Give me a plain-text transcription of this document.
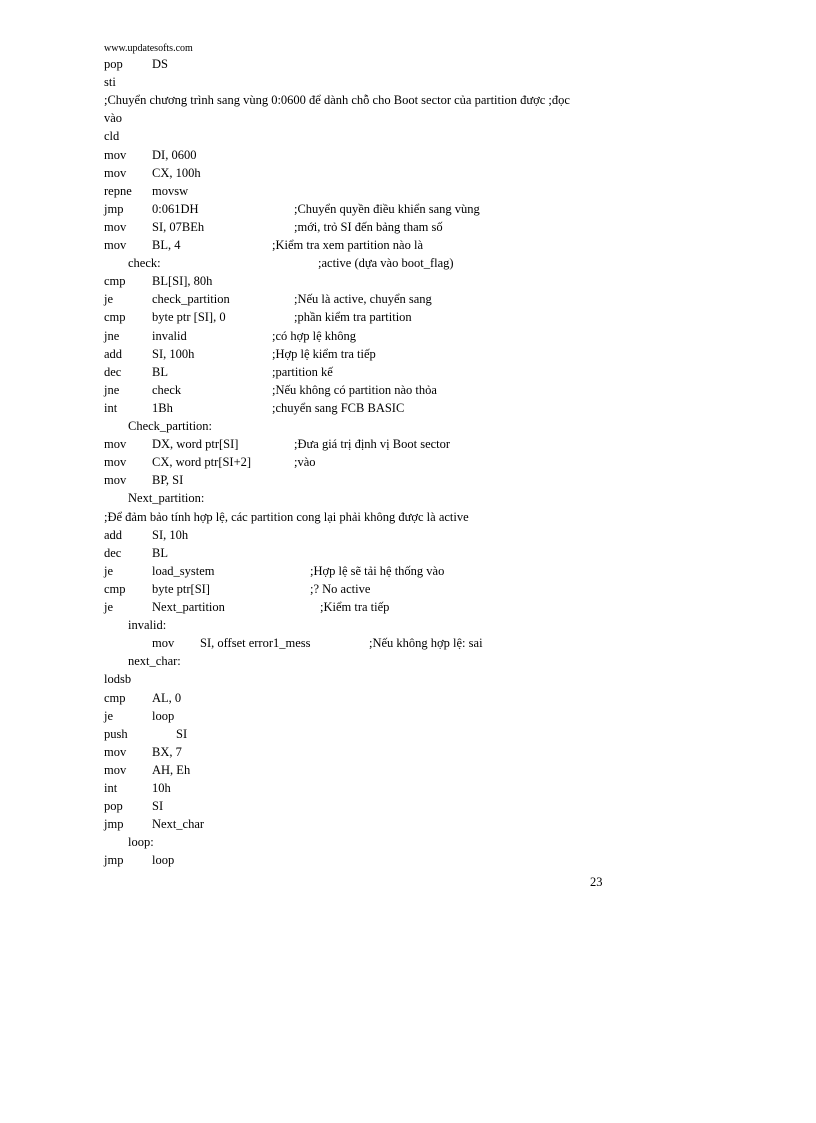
www.updatesofts.com
pop DS
sti
;Chuyển chương trình sang vùng 0:0600 để dành chỗ cho Boot sector của partition được ;đọc
vào
cld
mov DI, 0600
mov CX, 100h
repne movsw
jmp 0:061DH	;Chuyển quyền điều khiển sang vùng
mov SI, 07BEh	;mới, trỏ SI đến bảng tham số
mov BL, 4	;Kiểm tra xem partition nào là
check:	;active (dựa vào boot_flag)
cmp BL[SI], 80h
je	check_partition	;Nếu là active, chuyển sang
cmp byte ptr [SI], 0	;phần kiểm tra partition
jne	invalid	;có hợp lệ không
add SI, 100h	;Hợp lệ kiểm tra tiếp
dec BL	;partition kế
jne	check	;Nếu không có partition nào thỏa
int	1Bh	;chuyển sang FCB BASIC
Check_partition:
mov DX, word ptr[SI]	;Đưa giá trị định vị Boot sector
mov CX, word ptr[SI+2]	;vào
mov BP, SI
Next_partition:
;Để đảm bảo tính hợp lệ, các partition cong lại phải không được là active
add SI, 10h
dec BL
je	load_system	;Hợp lệ sẽ tải hệ thống vào
cmp byte ptr[SI]	;? No active
je	Next_partition	;Kiểm tra tiếp
invalid:
mov SI, offset error1_mess	;Nếu không hợp lệ: sai
next_char:
lodsb
cmp AL, 0
je	loop
push	SI
mov BX, 7
mov AH, Eh
int	10h
pop SI
jmp Next_char
loop:
jmp loop
23
